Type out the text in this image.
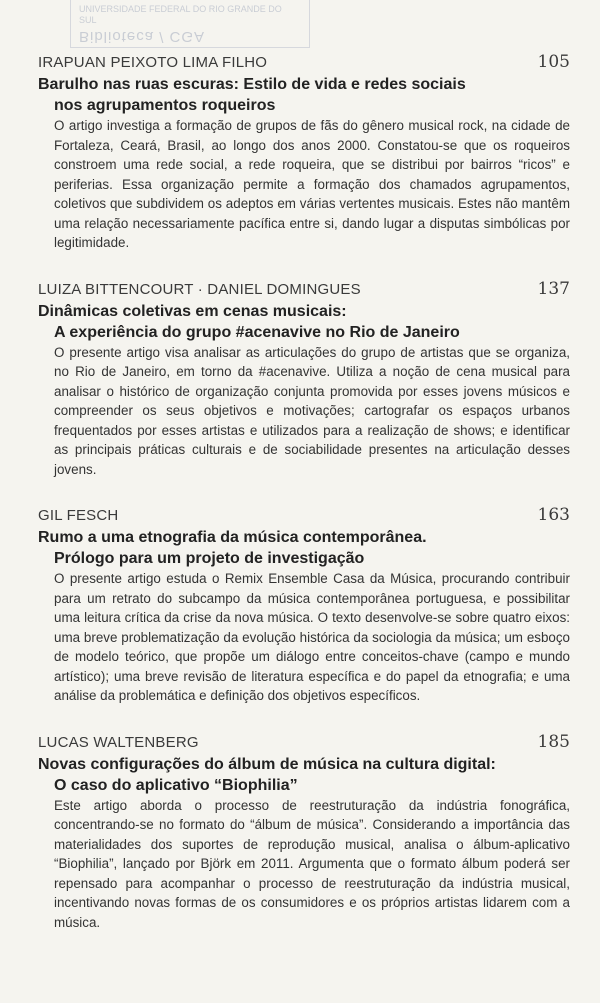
UNIVERSIDADE FEDERAL DO RIO GRANDE DO SUL
Biblioteca / CGA
IRAPUAN PEIXOTO LIMA FILHO	105
Barulho nas ruas escuras: Estilo de vida e redes sociais
nos agrupamentos roqueiros
O artigo investiga a formação de grupos de fãs do gênero musical rock, na cidade de Fortaleza, Ceará, Brasil, ao longo dos anos 2000. Constatou-se que os roqueiros constroem uma rede social, a rede roqueira, que se distribui por bairros “ricos” e periferias. Essa organização permite a formação dos chamados agrupamentos, coletivos que subdividem os adeptos em várias vertentes musicais. Estes não mantêm uma relação necessariamente pacífica entre si, dando lugar a disputas simbólicas por legitimidade.
LUIZA BITTENCOURT · DANIEL DOMINGUES	137
Dinâmicas coletivas em cenas musicais:
A experiência do grupo #acenavive no Rio de Janeiro
O presente artigo visa analisar as articulações do grupo de artistas que se organiza, no Rio de Janeiro, em torno da #acenavive. Utiliza a noção de cena musical para analisar o histórico de organização conjunta promovida por esses jovens músicos e compreender os seus objetivos e motivações; cartografar os espaços urbanos frequentados por esses artistas e utilizados para a realização de shows; e identificar as principais práticas culturais e de sociabilidade presentes na articulação desses jovens.
GIL FESCH	163
Rumo a uma etnografia da música contemporânea.
Prólogo para um projeto de investigação
O presente artigo estuda o Remix Ensemble Casa da Música, procurando contribuir para um retrato do subcampo da música contemporânea portuguesa, e possibilitar uma leitura crítica da crise da nova música. O texto desenvolve-se sobre quatro eixos: uma breve problematização da evolução histórica da sociologia da música; um esboço de modelo teórico, que propõe um diálogo entre conceitos-chave (campo e mundo artístico); uma breve revisão de literatura específica e do papel da etnografia; e uma análise da problemática e definição dos objetivos específicos.
LUCAS WALTENBERG	185
Novas configurações do álbum de música na cultura digital:
O caso do aplicativo “Biophilia”
Este artigo aborda o processo de reestruturação da indústria fonográfica, concentrando-se no formato do “álbum de música”. Considerando a importância das materialidades dos suportes de reprodução musical, analisa o álbum-aplicativo “Biophilia”, lançado por Björk em 2011. Argumenta que o formato álbum poderá ser repensado para acompanhar o processo de reestruturação da indústria musical, incentivando novas formas de os consumidores e os próprios artistas lidarem com a música.
